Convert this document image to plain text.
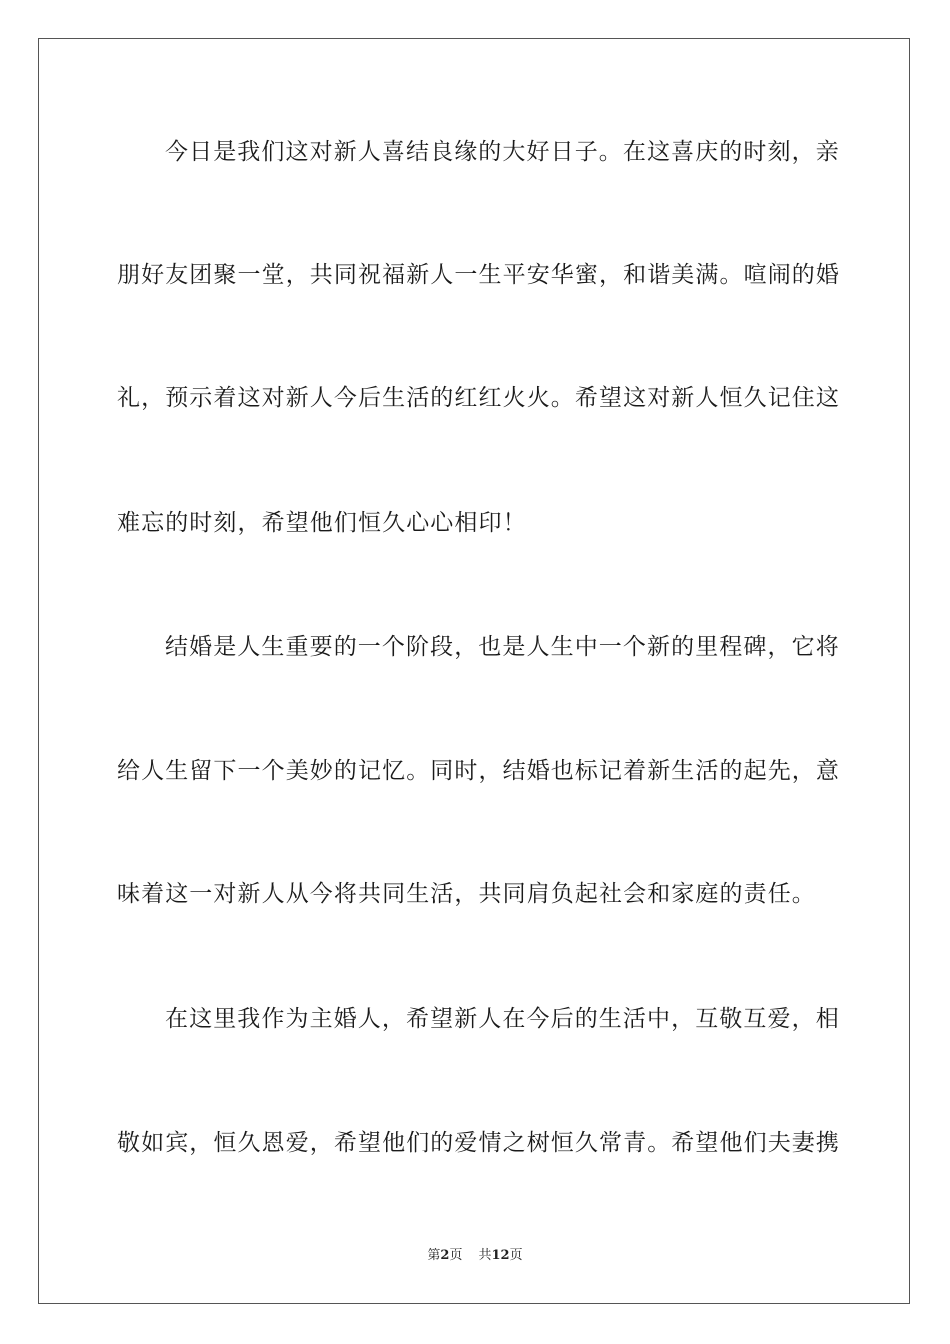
今日是我们这对新人喜结良缘的大好日子。在这喜庆的时刻，亲
朋好友团聚一堂，共同祝福新人一生平安华蜜，和谐美满。喧闹的婚
礼，预示着这对新人今后生活的红红火火。希望这对新人恒久记住这
难忘的时刻，希望他们恒久心心相印！
结婚是人生重要的一个阶段，也是人生中一个新的里程碑，它将
给人生留下一个美妙的记忆。同时，结婚也标记着新生活的起先，意
味着这一对新人从今将共同生活，共同肩负起社会和家庭的责任。
在这里我作为主婚人，希望新人在今后的生活中，互敬互爱，相
敬如宾，恒久恩爱，希望他们的爱情之树恒久常青。希望他们夫妻携
第2页 共12页
